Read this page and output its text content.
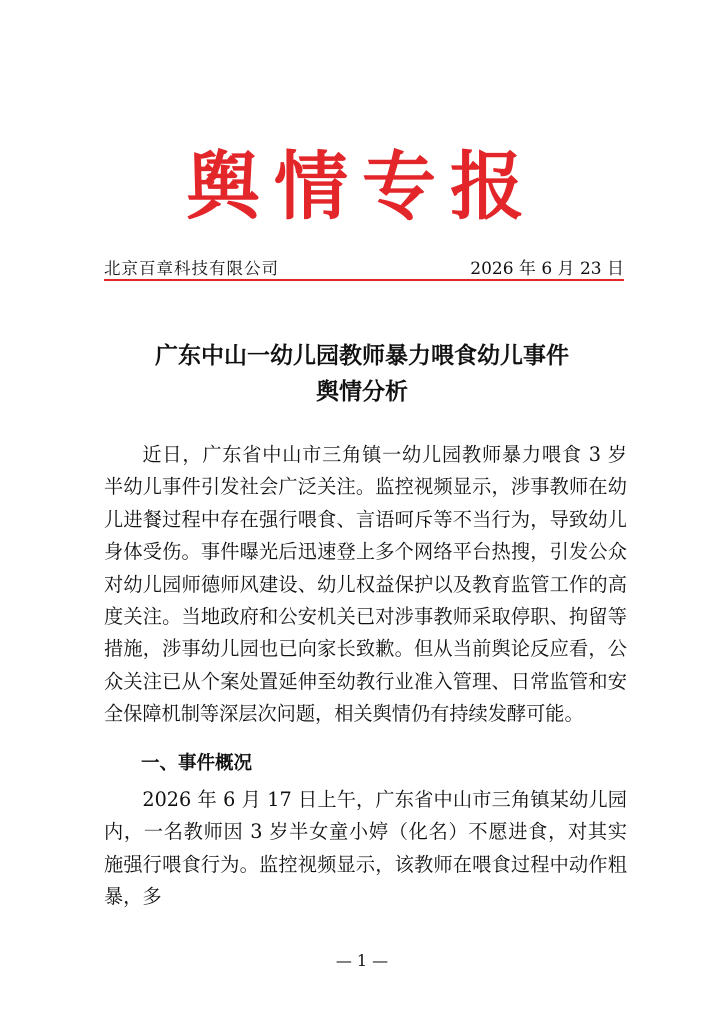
舆情专报
北京百章科技有限公司	2026 年 6 月 23 日
广东中山一幼儿园教师暴力喂食幼儿事件
舆情分析

近日，广东省中山市三角镇一幼儿园教师暴力喂食 3 岁半幼儿事件引发社会广泛关注。监控视频显示，涉事教师在幼儿进餐过程中存在强行喂食、言语呵斥等不当行为，导致幼儿身体受伤。事件曝光后迅速登上多个网络平台热搜，引发公众对幼儿园师德师风建设、幼儿权益保护以及教育监管工作的高度关注。当地政府和公安机关已对涉事教师采取停职、拘留等措施，涉事幼儿园也已向家长致歉。但从当前舆论反应看，公众关注已从个案处置延伸至幼教行业准入管理、日常监管和安全保障机制等深层次问题，相关舆情仍有持续发酵可能。

一、事件概况

2026 年 6 月 17 日上午，广东省中山市三角镇某幼儿园内，一名教师因 3 岁半女童小婷（化名）不愿进食，对其实施强行喂食行为。监控视频显示，该教师在喂食过程中动作粗暴，多

— 1 —
